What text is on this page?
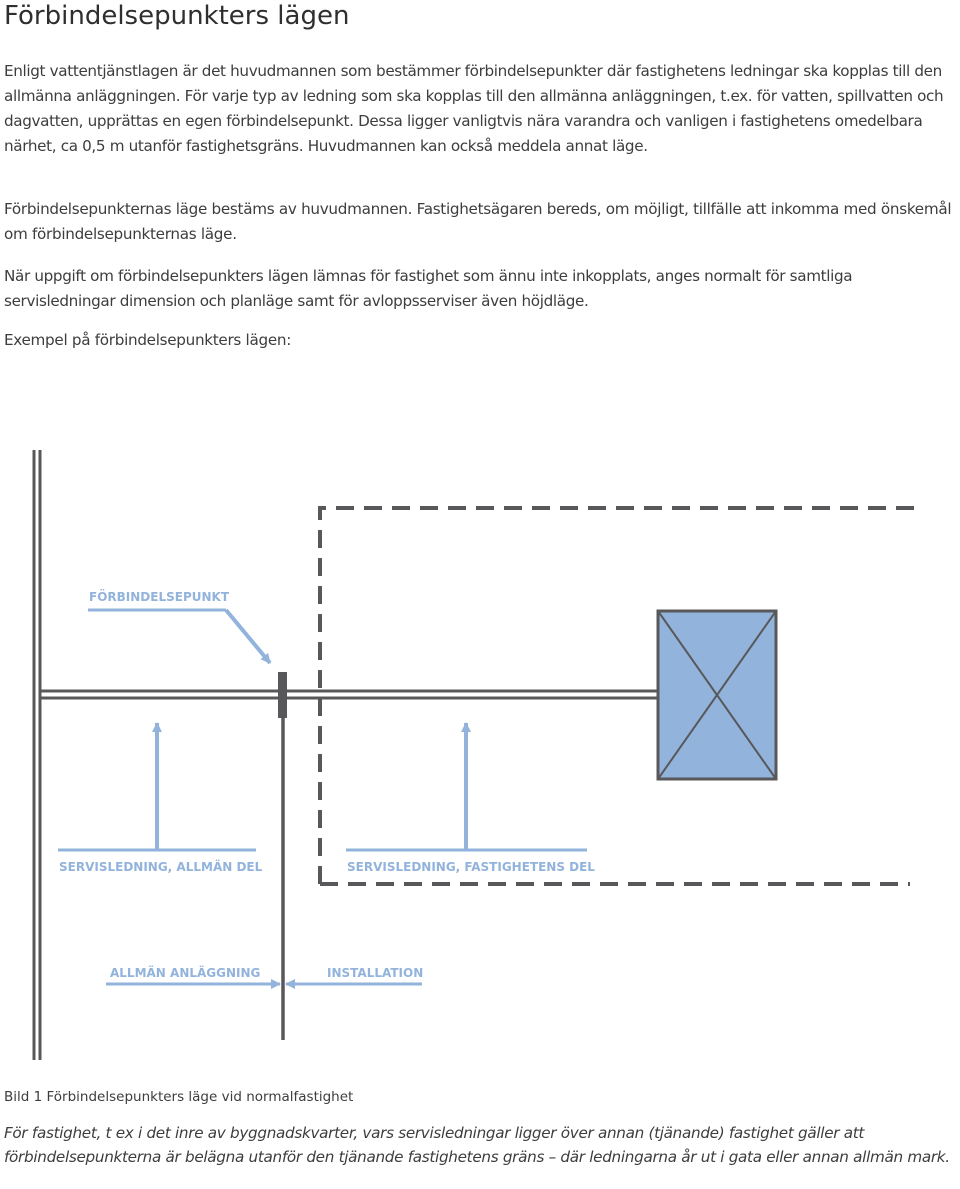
Förbindelsepunkters lägen

Enligt vattentjänstlagen är det huvudmannen som bestämmer förbindelsepunkter där fastighetens ledningar ska kopplas till den allmänna anläggningen. För varje typ av ledning som ska kopplas till den allmänna anläggningen, t.ex. för vatten, spillvatten och dagvatten, upprättas en egen förbindelsepunkt. Dessa ligger vanligtvis nära varandra och vanligen i fastighetens omedelbara närhet, ca 0,5 m utanför fastighetsgräns. Huvudmannen kan också meddela annat läge.

Förbindelsepunkternas läge bestäms av huvudmannen. Fastighetsägaren bereds, om möjligt, tillfälle att inkomma med önskemål om förbindelsepunkternas läge.

När uppgift om förbindelsepunkters lägen lämnas för fastighet som ännu inte inkopplats, anges normalt för samtliga servisledningar dimension och planläge samt för avloppsserviser även höjdläge.

Exempel på förbindelsepunkters lägen:

FÖRBINDELSEPUNKT
SERVISLEDNING, ALLMÄN DEL	SERVISLEDNING, FASTIGHETENS DEL
ALLMÄN ANLÄGGNING	INSTALLATION
Bild 1 Förbindelsepunkters läge vid normalfastighet

För fastighet, t ex i det inre av byggnadskvarter, vars servisledningar ligger över annan (tjänande) fastighet gäller att förbindelsepunkterna är belägna utanför den tjänande fastighetens gräns – där ledningarna år ut i gata eller annan allmän mark.
